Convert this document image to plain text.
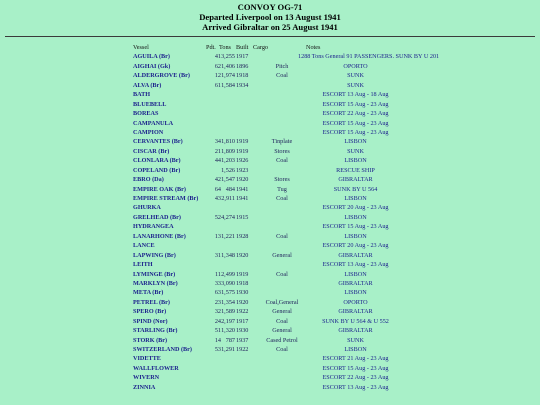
CONVOY OG-71
Departed Liverpool on 13 August 1941
Arrived Gibraltar on 25 August 1941
Vessel	Pdt. Tons Built Cargo	Notes
AGUILA (Br)	41 3,255 1917	1288 Tons General 91 PASSENGERS. SUNK BY U 201
AIGHAI (Gk)	62 1,406 1896	Pitch	OPORTO
ALDERGROVE (Br)	12 1,974 1918	Coal	SUNK
ALVA (Br)	61 1,584 1934	SUNK
BATH	ESCORT 13 Aug - 18 Aug
BLUEBELL	ESCORT 15 Aug - 23 Aug
BOREAS	ESCORT 22 Aug - 23 Aug
CAMPANULA	ESCORT 15 Aug - 23 Aug
CAMPION	ESCORT 15 Aug - 23 Aug
CERVANTES (Br)	34 1,810 1919	Tinplate	LISBON
CISCAR (Br)	21 1,809 1919	Stores	SUNK
CLONLARA (Br)	44 1,203 1926	Coal	LISBON
COPELAND (Br)	1,526 1923	RESCUE SHIP
EBRO (Da)	42 1,547 1920	Stores	GIBRALTAR
EMPIRE OAK (Br)	64 484 1941	Tug	SUNK BY U 564
EMPIRE STREAM (Br)	43 2,911 1941	Coal	LISBON
GHURKA	ESCORT 20 Aug - 23 Aug
GRELHEAD (Br)	52 4,274 1915	LISBON
HYDRANGEA	ESCORT 15 Aug - 23 Aug
LANARHONE (Br)	13 1,221 1928	Coal	LISBON
LANCE	ESCORT 20 Aug - 23 Aug
LAPWING (Br)	31 1,348 1920	General	GIBRALTAR
LEITH	ESCORT 13 Aug - 23 Aug
LYMINGE (Br)	11 2,499 1919	Coal	LISBON
MARKLYN (Br)	33 3,090 1918	GIBRALTAR
META (Br)	63 1,575 1930	LISBON
PETREL (Br)	23 1,354 1920	Coal,General	OPORTO
SPERO (Br)	32 1,589 1922	General	GIBRALTAR
SPIND (Nor)	24 2,197 1917	Coal	SUNK BY U 564 & U 552
STARLING (Br)	51 1,320 1930	General	GIBRALTAR
STORK (Br)	14 787 1937	Cased Petrol	SUNK
SWITZERLAND (Br)	53 1,291 1922	Coal	LISBON
VIDETTE	ESCORT 21 Aug - 23 Aug
WALLFLOWER	ESCORT 15 Aug - 23 Aug
WIVERN	ESCORT 22 Aug - 23 Aug
ZINNIA	ESCORT 13 Aug - 23 Aug
